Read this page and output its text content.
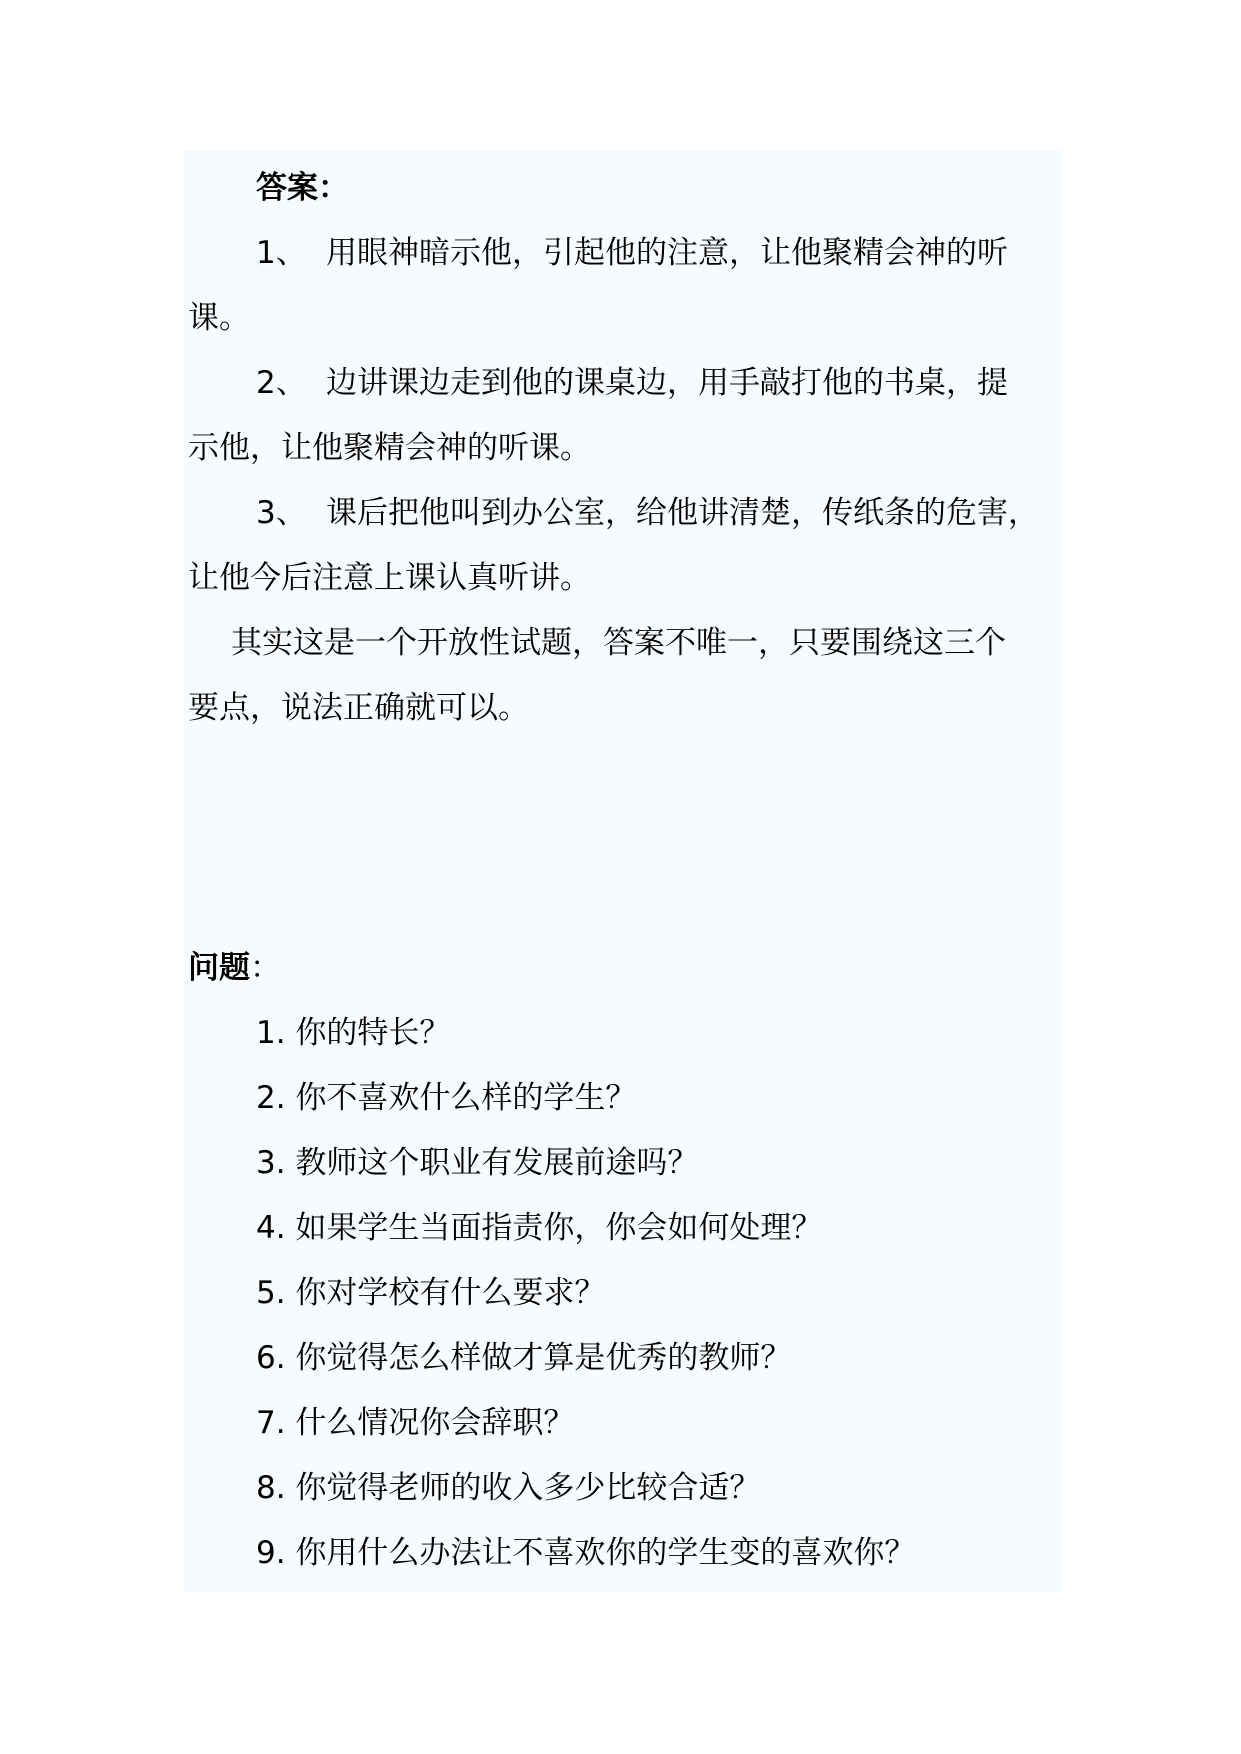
答案：
1、 用眼神暗示他，引起他的注意，让他聚精会神的听
课。
2、 边讲课边走到他的课桌边，用手敲打他的书桌，提
示他，让他聚精会神的听课。
3、 课后把他叫到办公室，给他讲清楚，传纸条的危害，
让他今后注意上课认真听讲。
其实这是一个开放性试题，答案不唯一，只要围绕这三个
要点，说法正确就可以。
问题：
1. 你的特长？
2. 你不喜欢什么样的学生？
3. 教师这个职业有发展前途吗？
4. 如果学生当面指责你，你会如何处理？
5. 你对学校有什么要求？
6. 你觉得怎么样做才算是优秀的教师？
7. 什么情况你会辞职？
8. 你觉得老师的收入多少比较合适？
9. 你用什么办法让不喜欢你的学生变的喜欢你？
